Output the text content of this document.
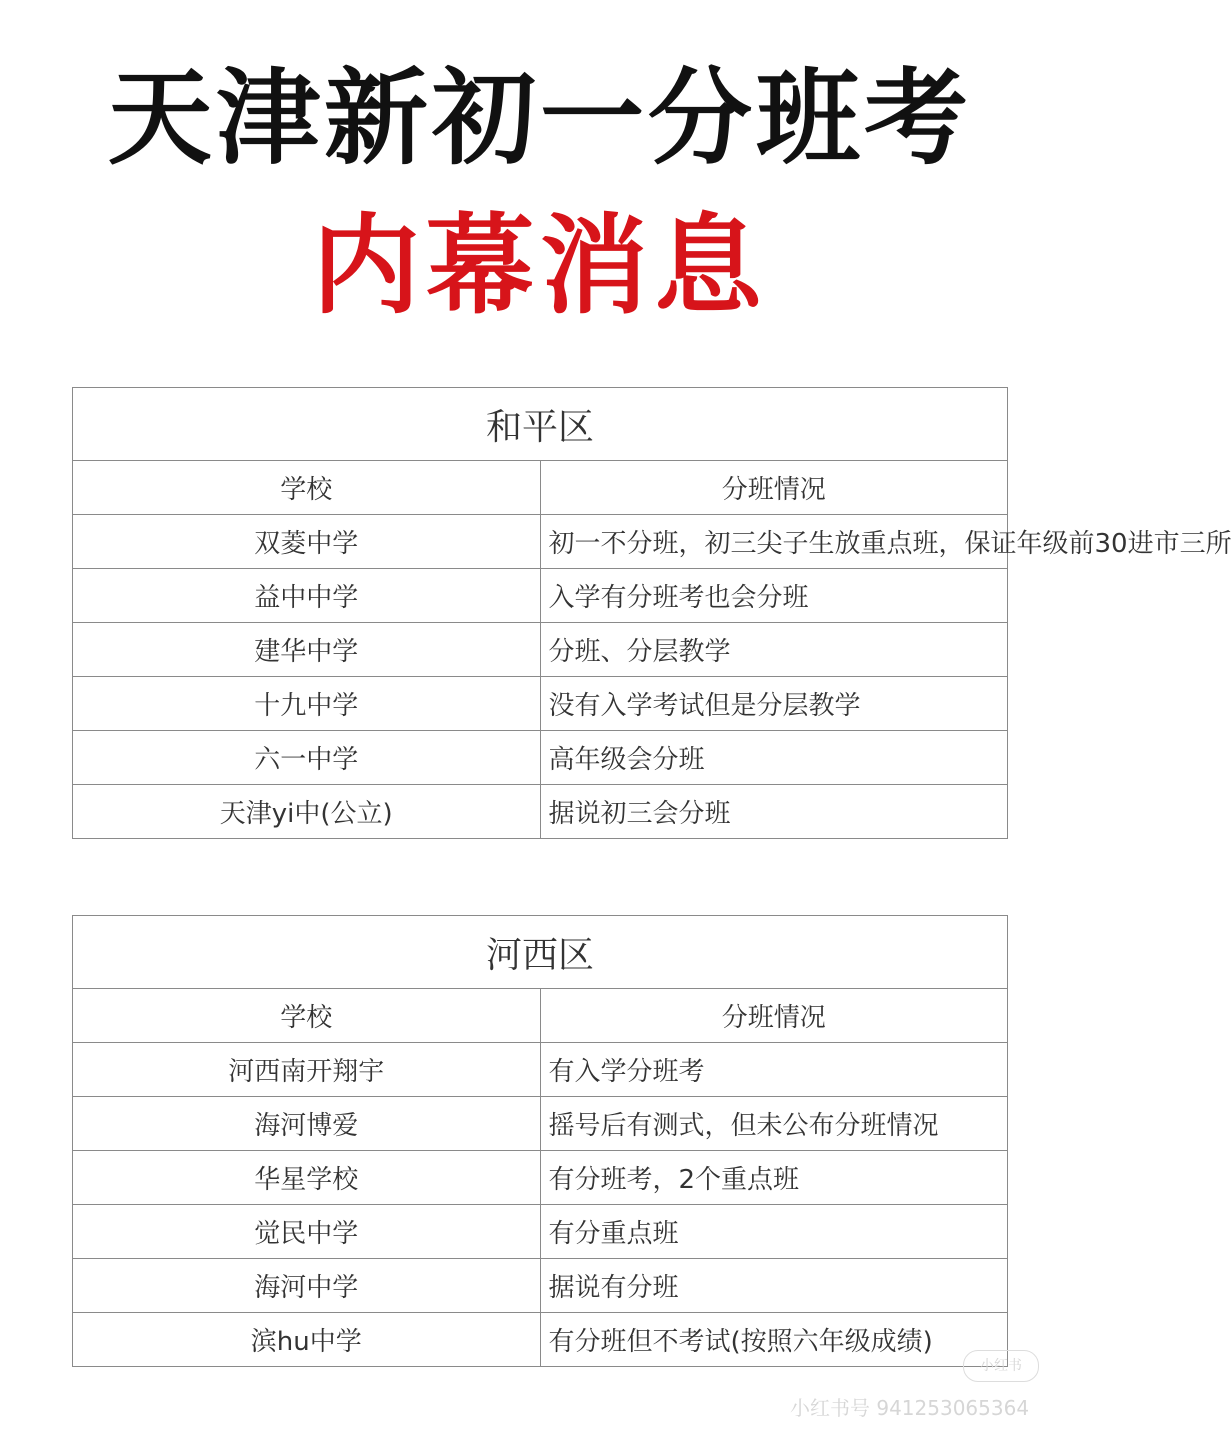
天津新初一分班考
内幕消息
和平区	
学校	分班情况
双菱中学	初一不分班，初三尖子生放重点班，保证年级前30进市三所
益中中学	入学有分班考也会分班
建华中学	分班、分层教学
十九中学	没有入学考试但是分层教学
六一中学	高年级会分班
天津yi中(公立)	据说初三会分班
河西区	
学校	分班情况
河西南开翔宇	有入学分班考
海河博爱	摇号后有测式，但未公布分班情况
华星学校	有分班考，2个重点班
觉民中学	有分重点班
海河中学	据说有分班
滨hu中学	有分班但不考试(按照六年级成绩)
小红书
小红书号 941253065364
